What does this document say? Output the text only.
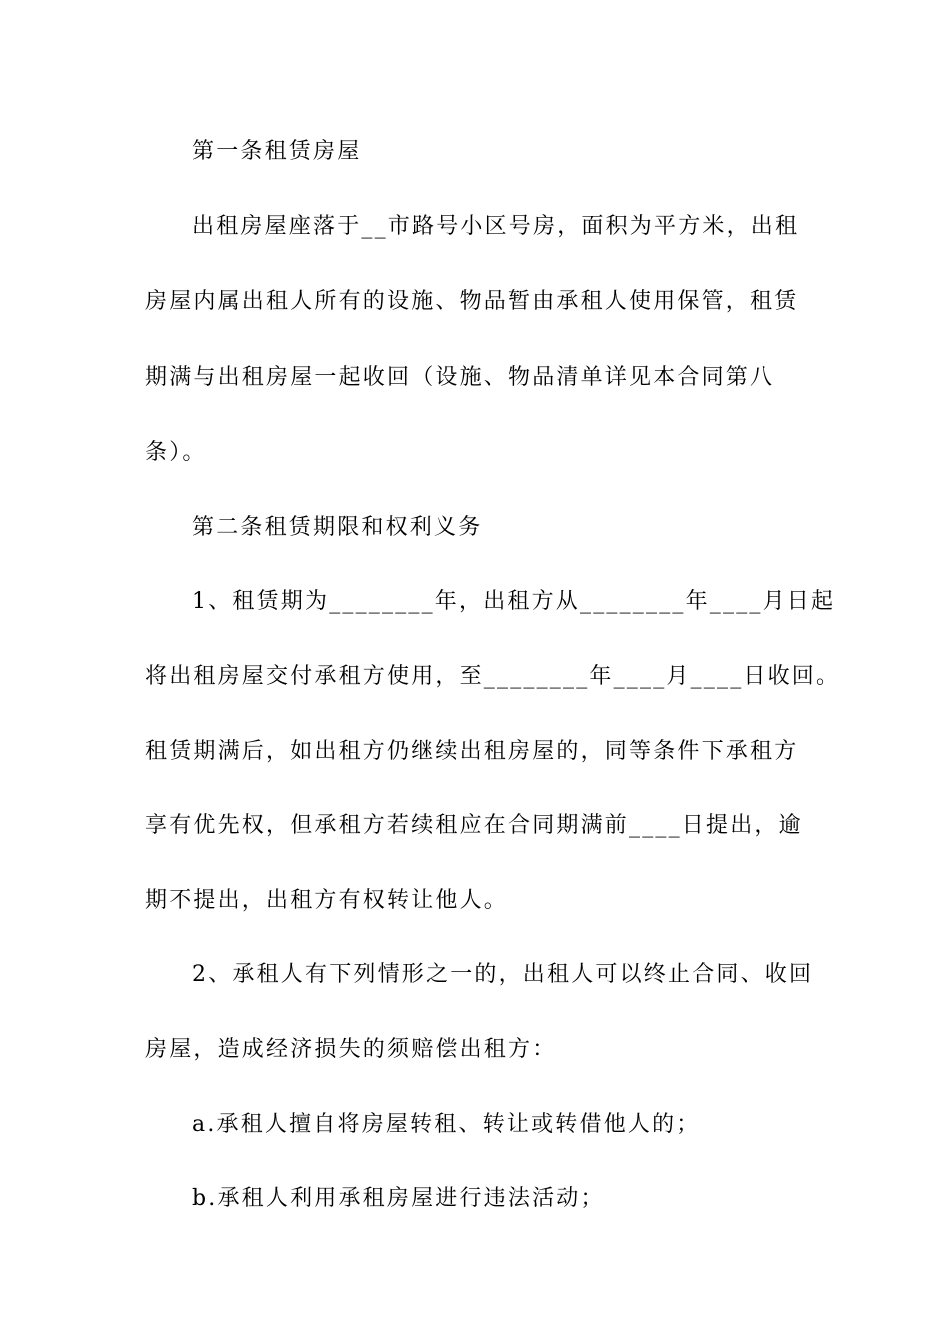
第一条租赁房屋
出租房屋座落于__市路号小区号房，面积为平方米，出租
房屋内属出租人所有的设施、物品暂由承租人使用保管，租赁
期满与出租房屋一起收回（设施、物品清单详见本合同第八
条）。
第二条租赁期限和权利义务
1、租赁期为________年，出租方从________年____月日起
将出租房屋交付承租方使用，至________年____月____日收回。
租赁期满后，如出租方仍继续出租房屋的，同等条件下承租方
享有优先权，但承租方若续租应在合同期满前____日提出，逾
期不提出，出租方有权转让他人。
2、承租人有下列情形之一的，出租人可以终止合同、收回
房屋，造成经济损失的须赔偿出租方：
a.承租人擅自将房屋转租、转让或转借他人的；
b.承租人利用承租房屋进行违法活动；
